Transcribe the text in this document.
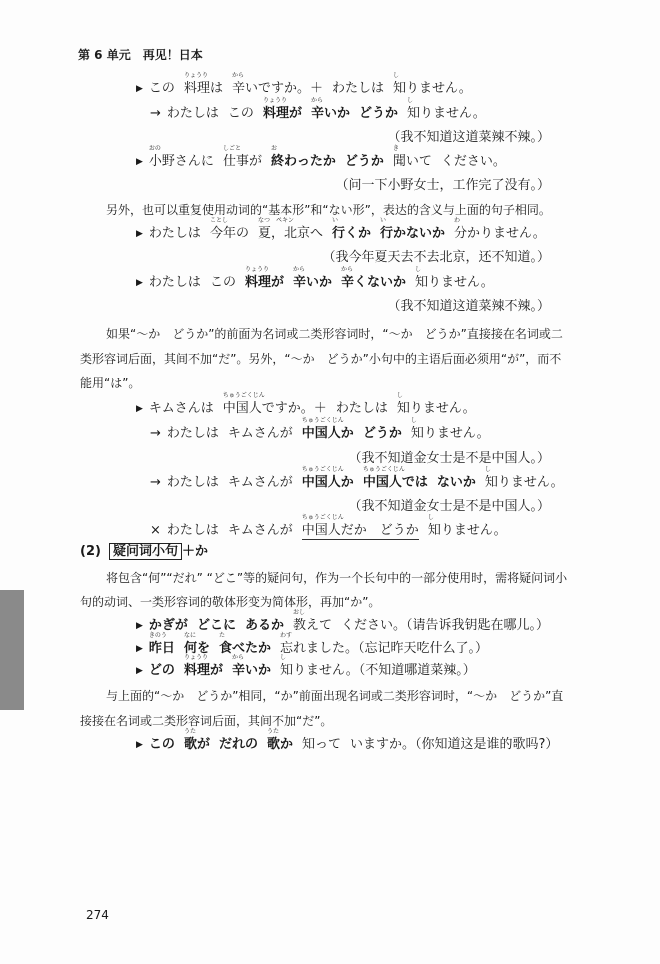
第 6 单元　再见！日本
▶ この 料理は
りょうり
辛いですか。＋
から
わたしは 知りません。
し
→ わたしは この 料理が
りょうり
辛いか
から
どうか 知りません。
し
（我不知道这道菜辣不辣。）
▶ 小野さんに
おの
仕事が
しごと
終わったか
お
どうか 聞いて
き
ください。
（问一下小野女士，工作完了没有。）
另外，也可以重复使用动词的“基本形”和“ない形”，表达的含义与上面的句子相同。
▶ わたしは 今年の
ことし
夏，北京へ
なつ　ペキン
行くか
い
行かないか
い
分かりません。
わ
（我今年夏天去不去北京，还不知道。）
▶ わたしは この 料理が
りょうり
辛いか
から
辛くないか
から
知りません。
し
（我不知道这道菜辣不辣。）
如果“～か　どうか”的前面为名词或二类形容词时，“～か　どうか”直接接在名词或二
类形容词后面，其间不加“だ”。另外，“～か　どうか”小句中的主语后面必须用“が”，而不
能用“は”。
▶ キムさんは 中国人ですか。＋
ちゅうごくじん
わたしは 知りません。
し
→ わたしは キムさんが 中国人か
ちゅうごくじん
どうか 知りません。
し
（我不知道金女士是不是中国人。）
→ わたしは キムさんが 中国人か
ちゅうごくじん
中国人では
ちゅうごくじん
ないか 知りません。
し
（我不知道金女士是不是中国人。）
× わたしは キムさんが 中国人だか　どうか
ちゅうごくじん
知りません。
し
(2) 疑问词小句 ＋か
将包含“何”“だれ” “どこ”等的疑问句，作为一个长句中的一部分使用时，需将疑问词小
句的动词、一类形容词的敬体形变为简体形，再加“か”。
▶ かぎが どこに あるか 教えて
おし
ください。（请告诉我钥匙在哪儿。）
▶ 昨日
きのう
何を
なに
食べたか
た
忘れました。（忘记昨天吃什么了。）
わす
▶ どの 料理が
りょうり
辛いか
から
知りません。（不知道哪道菜辣。）
し
与上面的“～か　どうか”相同，“か”前面出现名词或二类形容词时，“～か　どうか”直
接接在名词或二类形容词后面，其间不加“だ”。
▶ この 歌が
うた
だれの 歌か
うた
知って いますか。（你知道这是谁的歌吗?）
274
